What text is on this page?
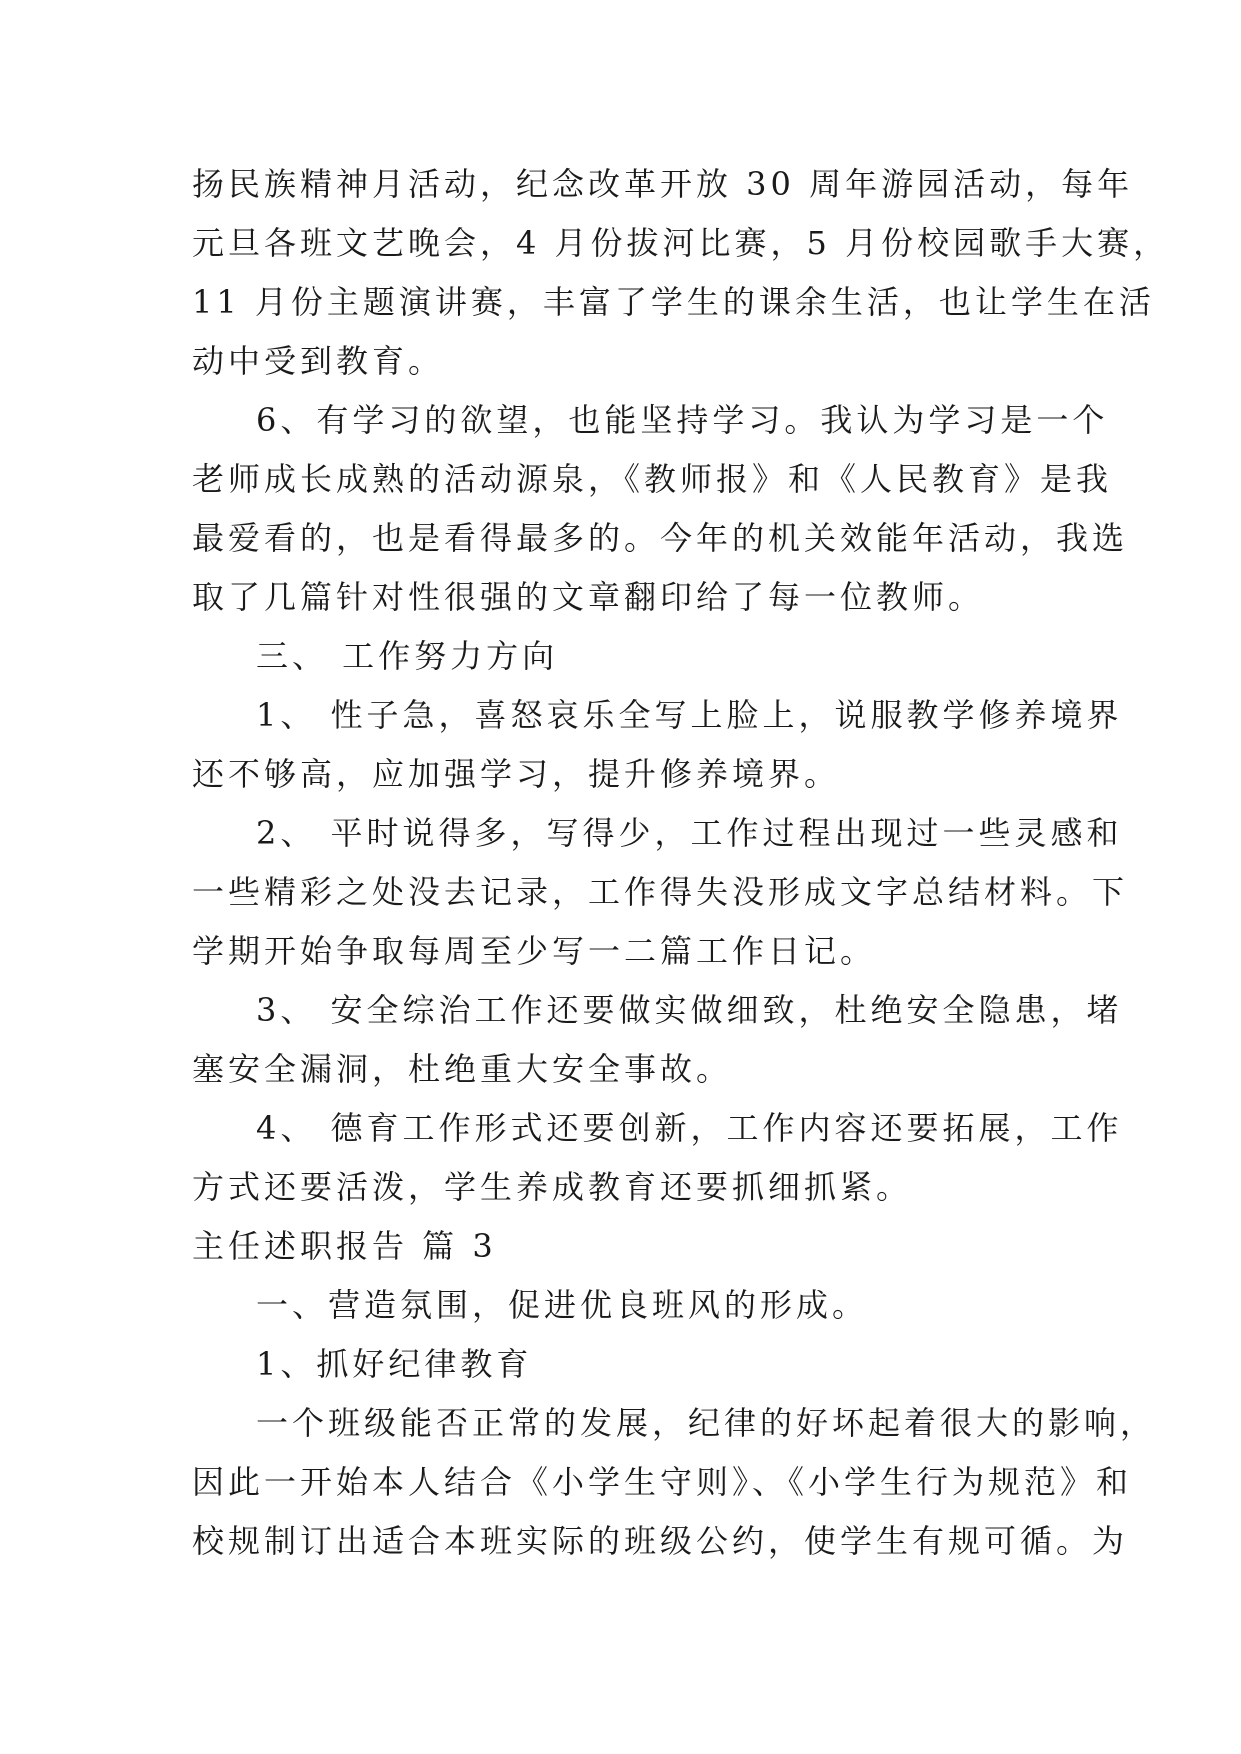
扬民族精神月活动，纪念改革开放 30 周年游园活动，每年
元旦各班文艺晚会，4 月份拔河比赛，5 月份校园歌手大赛，
11 月份主题演讲赛，丰富了学生的课余生活，也让学生在活
动中受到教育。
6、有学习的欲望，也能坚持学习。我认为学习是一个
老师成长成熟的活动源泉，《教师报》和《人民教育》是我
最爱看的，也是看得最多的。今年的机关效能年活动，我选
取了几篇针对性很强的文章翻印给了每一位教师。
三、 工作努力方向
1、 性子急，喜怒哀乐全写上脸上，说服教学修养境界
还不够高，应加强学习，提升修养境界。
2、 平时说得多，写得少，工作过程出现过一些灵感和
一些精彩之处没去记录，工作得失没形成文字总结材料。下
学期开始争取每周至少写一二篇工作日记。
3、 安全综治工作还要做实做细致，杜绝安全隐患，堵
塞安全漏洞，杜绝重大安全事故。
4、 德育工作形式还要创新，工作内容还要拓展，工作
方式还要活泼，学生养成教育还要抓细抓紧。
主任述职报告 篇 3
一、营造氛围，促进优良班风的形成。
1、抓好纪律教育
一个班级能否正常的发展，纪律的好坏起着很大的影响，
因此一开始本人结合《小学生守则》、《小学生行为规范》和
校规制订出适合本班实际的班级公约，使学生有规可循。为
